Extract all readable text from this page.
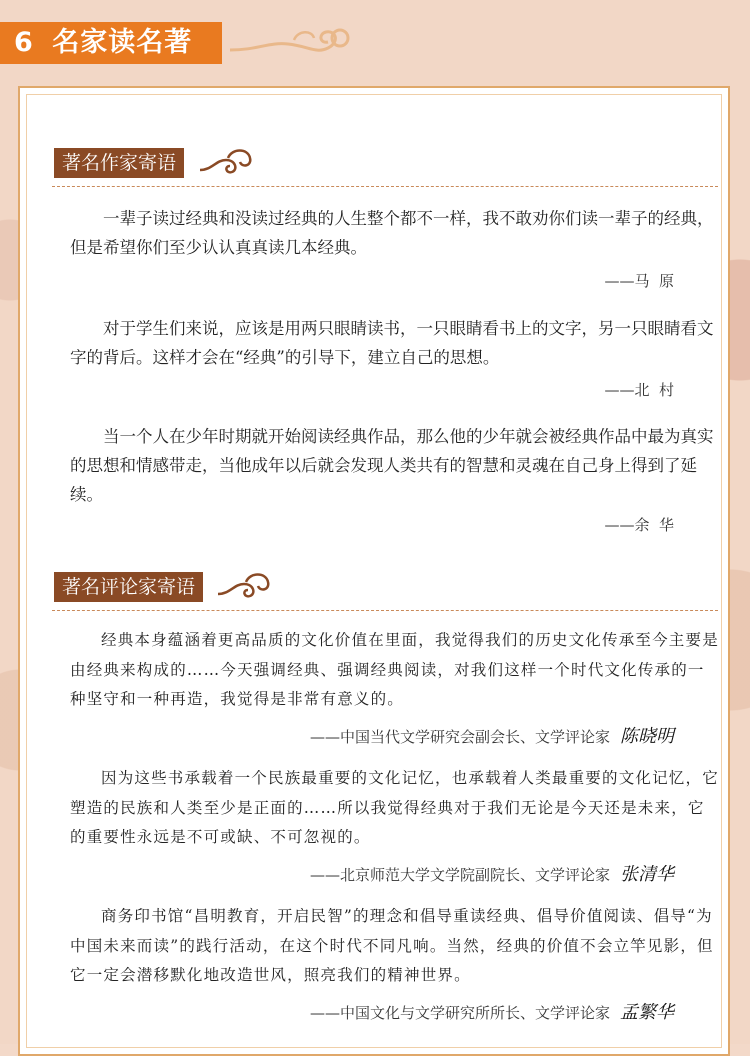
6 名家读名著
著名作家寄语

一辈子读过经典和没读过经典的人生整个都不一样，我不敢劝你们读一辈子的经典，但是希望你们至少认认真真读几本经典。

——马  原

对于学生们来说，应该是用两只眼睛读书，一只眼睛看书上的文字，另一只眼睛看文字的背后。这样才会在“经典”的引导下，建立自己的思想。

——北  村

当一个人在少年时期就开始阅读经典作品，那么他的少年就会被经典作品中最为真实的思想和情感带走，当他成年以后就会发现人类共有的智慧和灵魂在自己身上得到了延续。

——余  华
著名评论家寄语

经典本身蕴涵着更高品质的文化价值在里面，我觉得我们的历史文化传承至今主要是由经典来构成的……今天强调经典、强调经典阅读，对我们这样一个时代文化传承的一种坚守和一种再造，我觉得是非常有意义的。

——中国当代文学研究会副会长、文学评论家 陈晓明

因为这些书承载着一个民族最重要的文化记忆，也承载着人类最重要的文化记忆，它塑造的民族和人类至少是正面的……所以我觉得经典对于我们无论是今天还是未来，它的重要性永远是不可或缺、不可忽视的。

——北京师范大学文学院副院长、文学评论家 张清华

商务印书馆“昌明教育，开启民智”的理念和倡导重读经典、倡导价值阅读、倡导“为中国未来而读”的践行活动，在这个时代不同凡响。当然，经典的价值不会立竿见影，但它一定会潜移默化地改造世风，照亮我们的精神世界。

——中国文化与文学研究所所长、文学评论家 孟繁华
